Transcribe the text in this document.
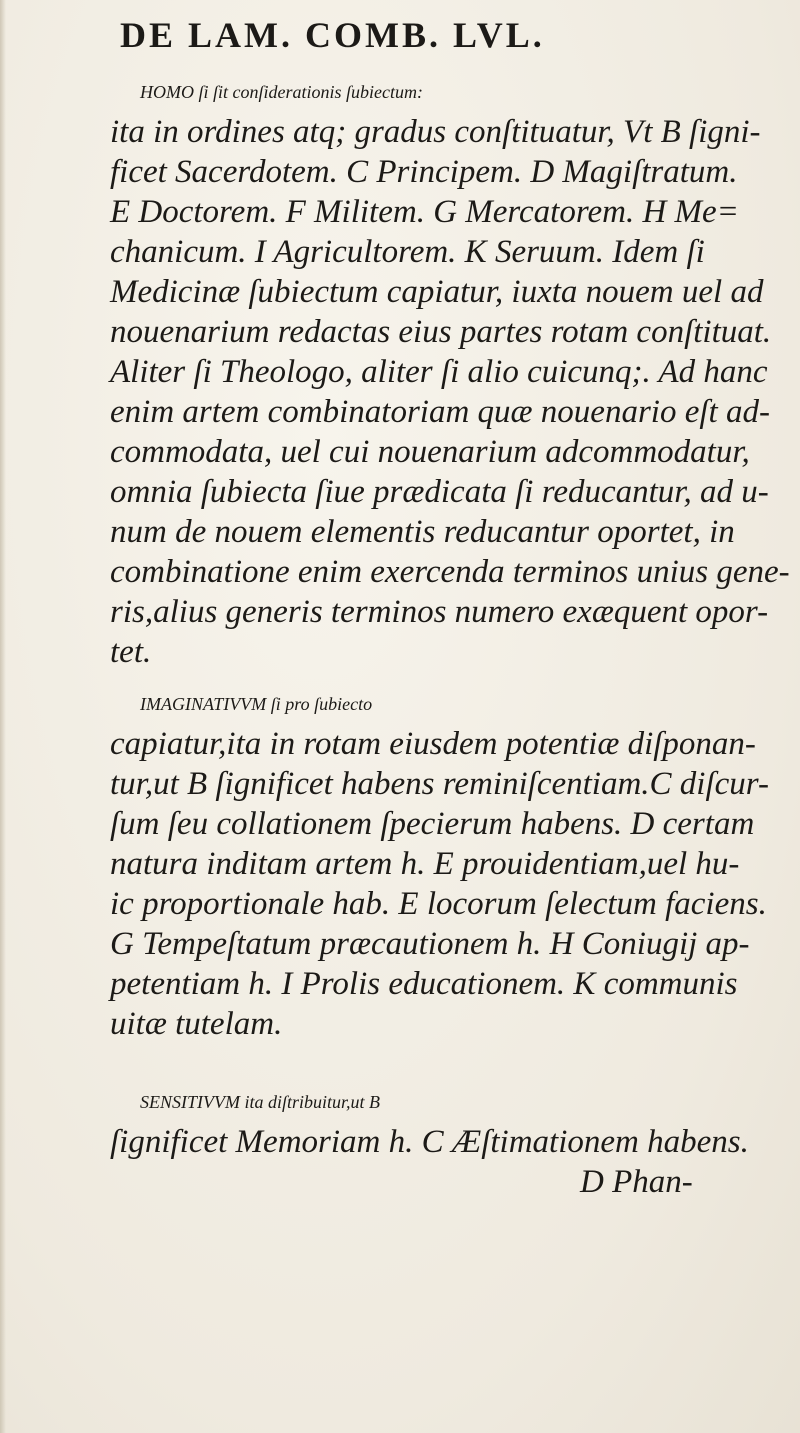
DE LAM. COMB. LVL.
HOMO ſi ſit conſiderationis ſubiectum:
ita in ordines atq; gradus conſtituatur, Vt B ſigni-
ficet Sacerdotem. C Principem. D Magiſtratum.
E Doctorem. F Militem. G Mercatorem. H Me=
chanicum. I Agricultorem. K Seruum. Idem ſi
Medicinæ ſubiectum capiatur, iuxta nouem uel ad
nouenarium redactas eius partes rotam conſtituat.
Aliter ſi Theologo, aliter ſi alio cuicunq;. Ad hanc
enim artem combinatoriam quæ nouenario eſt ad-
commodata, uel cui nouenarium adcommodatur,
omnia ſubiecta ſiue prædicata ſi reducantur, ad u-
num de nouem elementis reducantur oportet, in
combinatione enim exercenda terminos unius gene-
ris,alius generis terminos numero exæquent opor-
tet.
IMAGINATIVVM ſi pro ſubiecto
capiatur,ita in rotam eiusdem potentiæ diſponan-
tur,ut B ſignificet habens reminiſcentiam.C diſcur-
ſum ſeu collationem ſpecierum habens. D certam
natura inditam artem h. E prouidentiam,uel hu-
ic proportionale hab. E locorum ſelectum faciens.
G Tempeſtatum præcautionem h. H Coniugij ap-
petentiam h. I Prolis educationem. K communis
uitæ tutelam.
SENSITIVVM ita diſtribuitur,ut B
ſignificet Memoriam h. C Æſtimationem habens.
D Phan-
